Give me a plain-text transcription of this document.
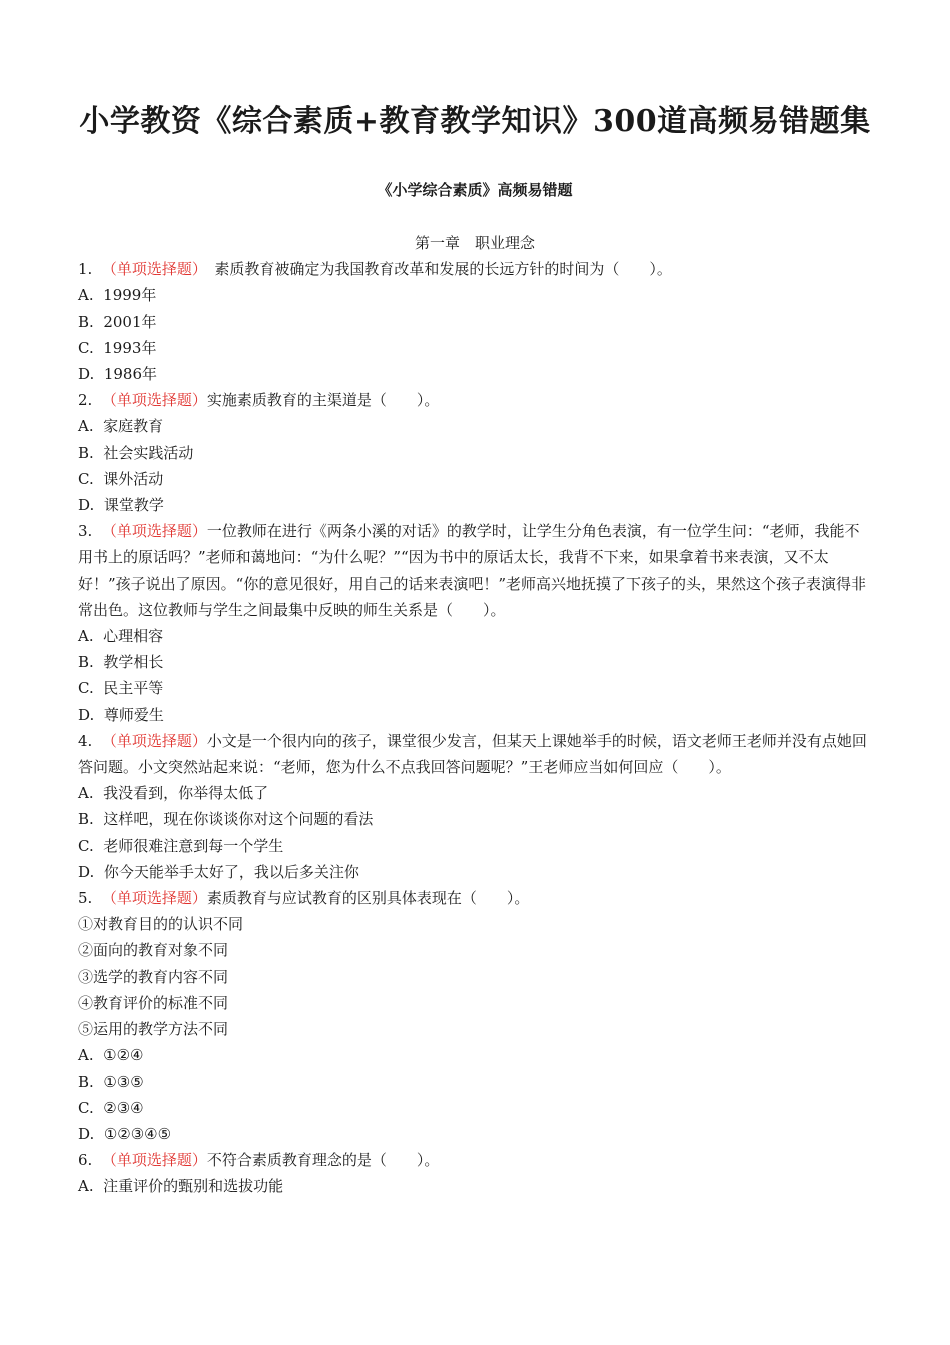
小学教资《综合素质+教育教学知识》300道高频易错题集
《小学综合素质》高频易错题

第一章　职业理念

1. （单项选择题）　素质教育被确定为我国教育改革和发展的长远方针的时间为（　　）。

A. 1999年

B. 2001年

C. 1993年

D. 1986年

2. （单项选择题）实施素质教育的主渠道是（　　）。

A. 家庭教育

B. 社会实践活动

C. 课外活动

D. 课堂教学

3. （单项选择题）一位教师在进行《两条小溪的对话》的教学时，让学生分角色表演，有一位学生问：“老师，我能不用书上的原话吗？”老师和蔼地问：“为什么呢？”“因为书中的原话太长，我背不下来，如果拿着书来表演，又不太好！”孩子说出了原因。“你的意见很好，用自己的话来表演吧！”老师高兴地抚摸了下孩子的头，果然这个孩子表演得非常出色。这位教师与学生之间最集中反映的师生关系是（　　）。

A. 心理相容

B. 教学相长

C. 民主平等

D. 尊师爱生

4. （单项选择题）小文是一个很内向的孩子，课堂很少发言，但某天上课她举手的时候，语文老师王老师并没有点她回答问题。小文突然站起来说：“老师，您为什么不点我回答问题呢？”王老师应当如何回应（　　）。

A. 我没看到，你举得太低了

B. 这样吧，现在你谈谈你对这个问题的看法

C. 老师很难注意到每一个学生

D. 你今天能举手太好了，我以后多关注你

5. （单项选择题）素质教育与应试教育的区别具体表现在（　　）。

①对教育目的的认识不同

②面向的教育对象不同

③选学的教育内容不同

④教育评价的标准不同

⑤运用的教学方法不同

A. ①②④

B. ①③⑤

C. ②③④

D. ①②③④⑤

6. （单项选择题）不符合素质教育理念的是（　　）。

A. 注重评价的甄别和选拔功能
